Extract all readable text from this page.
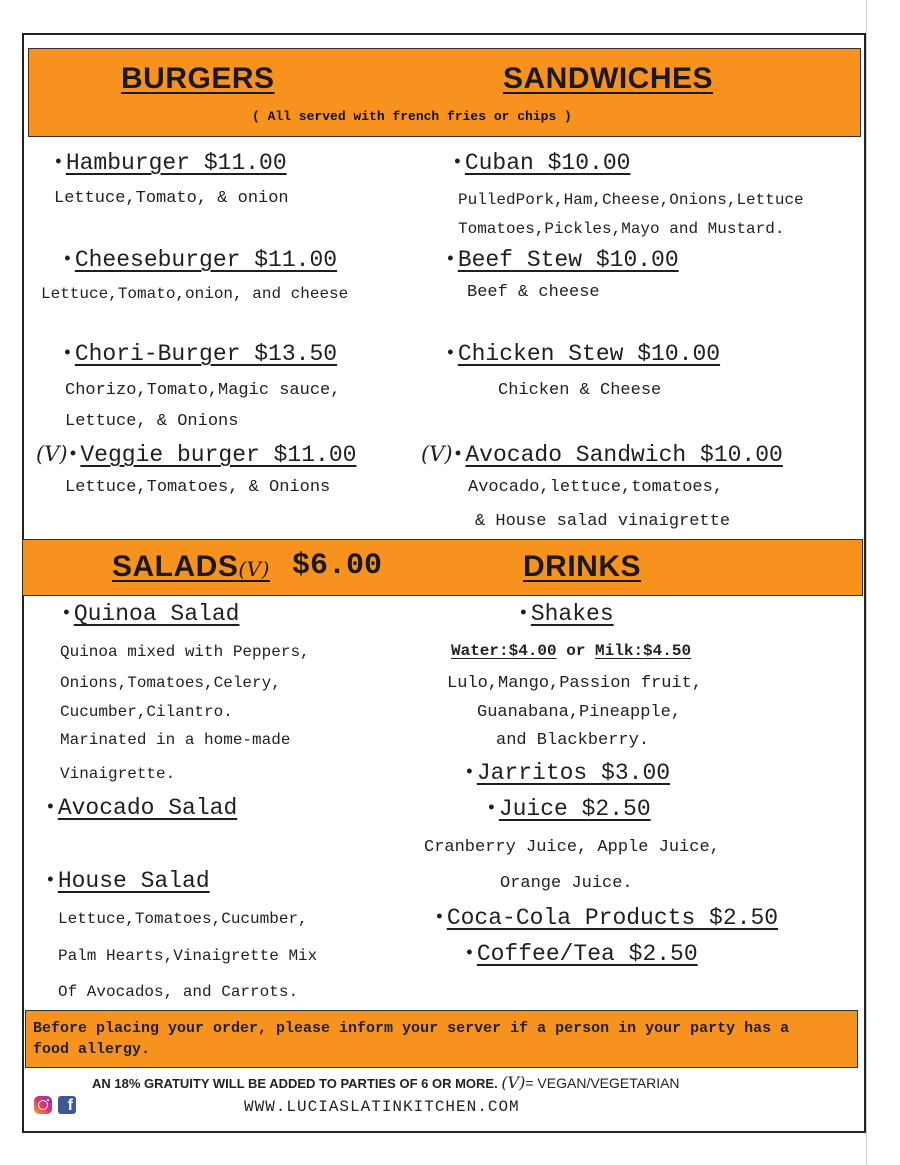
BURGERS	SANDWICHES
( All served with french fries or chips )
•Hamburger $11.00
Lettuce,Tomato, & onion
•Cheeseburger $11.00
Lettuce,Tomato,onion, and cheese
•Chori-Burger $13.50
Chorizo,Tomato,Magic sauce,
Lettuce, & Onions
(V)•Veggie burger $11.00
Lettuce,Tomatoes, & Onions
•Cuban $10.00
PulledPork,Ham,Cheese,Onions,Lettuce
Tomatoes,Pickles,Mayo and Mustard.
•Beef Stew $10.00
Beef & cheese
•Chicken Stew $10.00
Chicken & Cheese
(V)•Avocado Sandwich $10.00
Avocado,lettuce,tomatoes,
& House salad vinaigrette
SALADS(V) $6.00	DRINKS
•Quinoa Salad
Quinoa mixed with Peppers,
Onions,Tomatoes,Celery,
Cucumber,Cilantro.
Marinated in a home-made
Vinaigrette.
•Avocado Salad
•House Salad
Lettuce,Tomatoes,Cucumber,
Palm Hearts,Vinaigrette Mix
Of Avocados, and Carrots.
•Shakes
Water:$4.00 or Milk:$4.50
Lulo,Mango,Passion fruit,
Guanabana,Pineapple,
and Blackberry.
•Jarritos $3.00
•Juice $2.50
Cranberry Juice, Apple Juice,
Orange Juice.
•Coca-Cola Products $2.50
•Coffee/Tea $2.50
Before placing your order, please inform your server if a person in your party has a food allergy.
AN 18% GRATUITY WILL BE ADDED TO PARTIES OF 6 OR MORE. (V)= VEGAN/VEGETARIAN
f	WWW.LUCIASLATINKITCHEN.COM
